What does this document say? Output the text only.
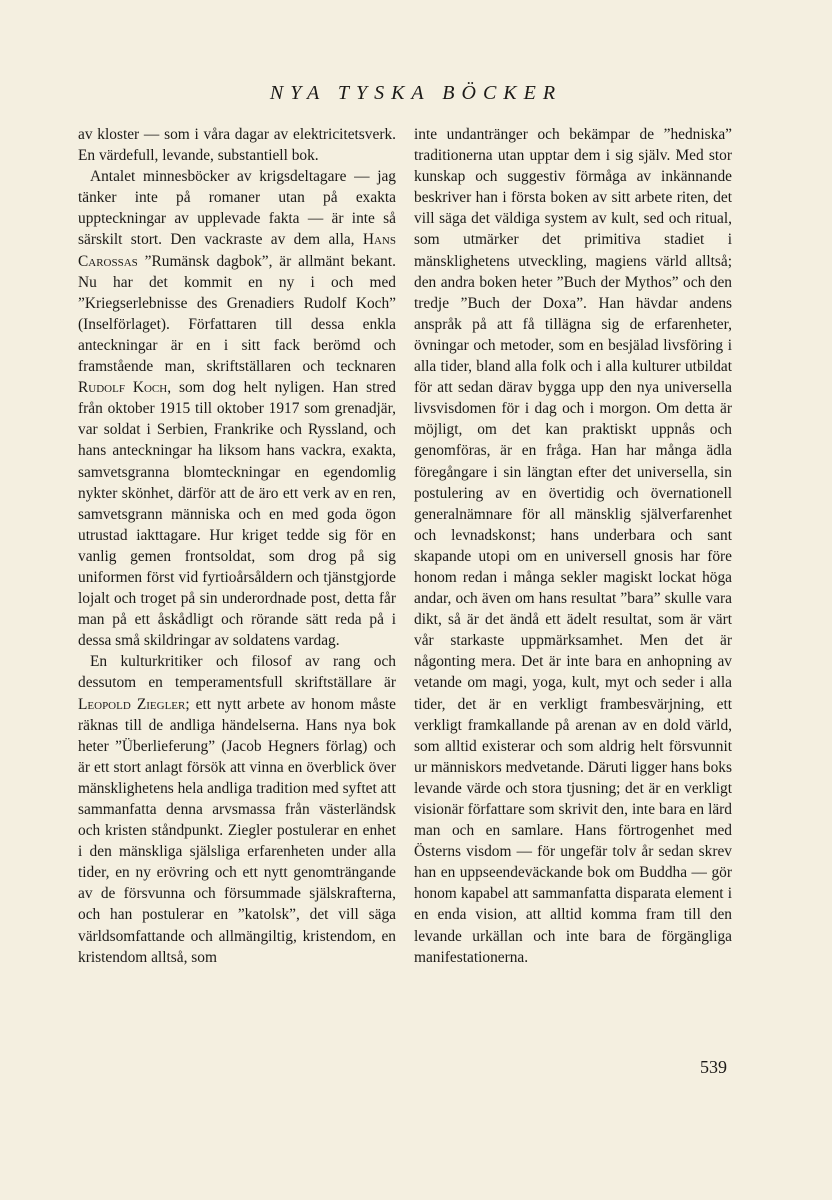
NYA TYSKA BÖCKER

av kloster — som i våra dagar av elektricitetsverk. En värdefull, levande, substantiell bok.

Antalet minnesböcker av krigsdeltagare — jag tänker inte på romaner utan på exakta uppteckningar av upplevade fakta — är inte så särskilt stort. Den vackraste av dem alla, Hans Carossas ”Rumänsk dagbok”, är allmänt bekant. Nu har det kommit en ny i och med ”Kriegserlebnisse des Grenadiers Rudolf Koch” (Inselförlaget). Författaren till dessa enkla anteckningar är en i sitt fack berömd och framstående man, skriftställaren och tecknaren Rudolf Koch, som dog helt nyligen. Han stred från oktober 1915 till oktober 1917 som grenadjär, var soldat i Serbien, Frankrike och Ryssland, och hans anteckningar ha liksom hans vackra, exakta, samvetsgranna blomteckningar en egendomlig nykter skönhet, därför att de äro ett verk av en ren, samvetsgrann människa och en med goda ögon utrustad iakttagare. Hur kriget tedde sig för en vanlig gemen frontsoldat, som drog på sig uniformen först vid fyrtioårsåldern och tjänstgjorde lojalt och troget på sin underordnade post, detta får man på ett åskådligt och rörande sätt reda på i dessa små skildringar av soldatens vardag.

En kulturkritiker och filosof av rang och dessutom en temperamentsfull skriftställare är Leopold Ziegler; ett nytt arbete av honom måste räknas till de andliga händelserna. Hans nya bok heter ”Überlieferung” (Jacob Hegners förlag) och är ett stort anlagt försök att vinna en överblick över mänsklighetens hela andliga tradition med syftet att sammanfatta denna arvsmassa från västerländsk och kristen ståndpunkt. Ziegler postulerar en enhet i den mänskliga själsliga erfarenheten under alla tider, en ny erövring och ett nytt genomträngande av de försvunna och försummade själskrafterna, och han postulerar en ”katolsk”, det vill säga världsomfattande och allmängiltig, kristendom, en kristendom alltså, som

inte undantränger och bekämpar de ”hedniska” traditionerna utan upptar dem i sig själv. Med stor kunskap och suggestiv förmåga av inkännande beskriver han i första boken av sitt arbete riten, det vill säga det väldiga system av kult, sed och ritual, som utmärker det primitiva stadiet i mänsklighetens utveckling, magiens värld alltså; den andra boken heter ”Buch der Mythos” och den tredje ”Buch der Doxa”. Han hävdar andens anspråk på att få tillägna sig de erfarenheter, övningar och metoder, som en besjälad livsföring i alla tider, bland alla folk och i alla kulturer utbildat för att sedan därav bygga upp den nya universella livsvisdomen för i dag och i morgon. Om detta är möjligt, om det kan praktiskt uppnås och genomföras, är en fråga. Han har många ädla föregångare i sin längtan efter det universella, sin postulering av en övertidig och övernationell generalnämnare för all mänsklig själverfarenhet och levnadskonst; hans underbara och sant skapande utopi om en universell gnosis har före honom redan i många sekler magiskt lockat höga andar, och även om hans resultat ”bara” skulle vara dikt, så är det ändå ett ädelt resultat, som är värt vår starkaste uppmärksamhet. Men det är någonting mera. Det är inte bara en anhopning av vetande om magi, yoga, kult, myt och seder i alla tider, det är en verkligt frambesvärjning, ett verkligt framkallande på arenan av en dold värld, som alltid existerar och som aldrig helt försvunnit ur människors medvetande. Däruti ligger hans boks levande värde och stora tjusning; det är en verkligt visionär författare som skrivit den, inte bara en lärd man och en samlare. Hans förtrogenhet med Österns visdom — för ungefär tolv år sedan skrev han en uppseendeväckande bok om Buddha — gör honom kapabel att sammanfatta disparata element i en enda vision, att alltid komma fram till den levande urkällan och inte bara de förgängliga manifestationerna.

539
